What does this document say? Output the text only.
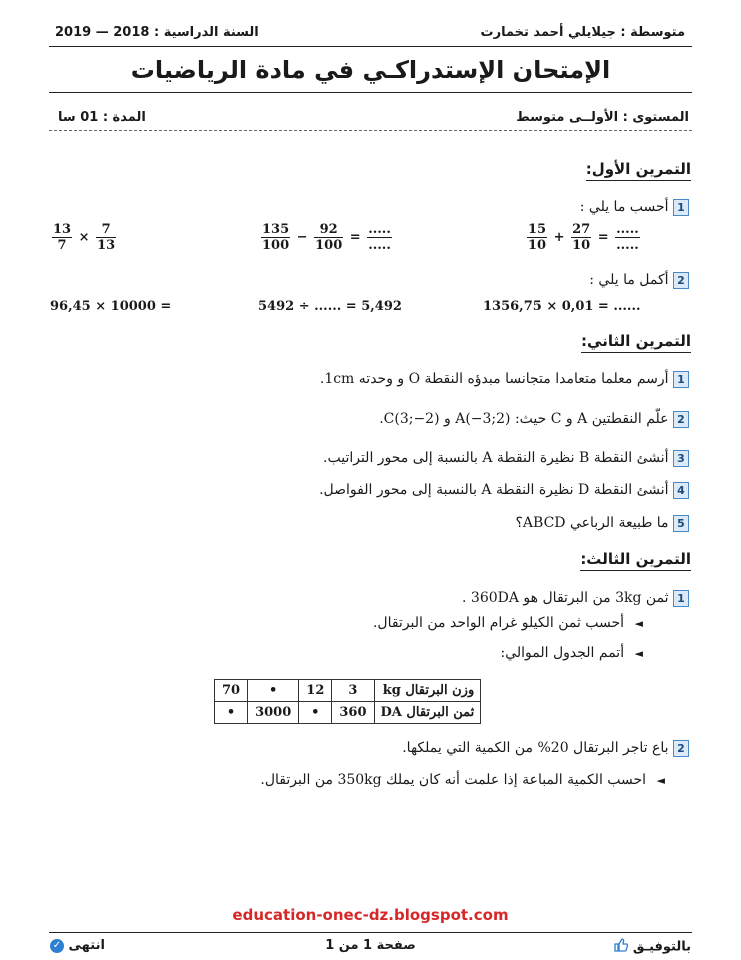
متوسطة : جيلايلي أحمد تخمارت
السنة الدراسية : 2018 — 2019
الإمتحان الإستدراكـي في مادة الرياضيات
المستوى : الأولــى متوسط
المدة : 01 سا
التمرين الأول:
1 أحسب ما يلي :
$\frac{15}{10} + \frac{27}{10} = \frac{.....}{.....}$
$\frac{135}{100} - \frac{92}{100} = \frac{.....}{.....}$
$\frac{13}{7} \times \frac{7}{13}$
2 أكمل ما يلي :
1356,75 × 0,01 = ......
5492 ÷ ...... = 5,492
96,45 × 10000 =
التمرين الثاني:
1 أرسم معلما متعامدا متجانسا مبدؤه النقطة O و وحدته 1cm.
2 علّم النقطتين A و C حيث: A(−3;2) و C(3;−2).
3 أنشئ النقطة B نظيرة النقطة A بالنسبة إلى محور التراتيب.
4 أنشئ النقطة D نظيرة النقطة A بالنسبة إلى محور الفواصل.
5 ما طبيعة الرباعي ABCD؟
التمرين الثالث:
1 ثمن 3kg من البرتقال هو 360DA .
◄ أحسب ثمن الكيلو غرام الواحد من البرتقال.
◄ أتمم الجدول الموالي:
وزن البرتقال kg	3	12	•	70
ثمن البرتقال DA	360	•	3000	•
2 باع تاجر البرتقال 20% من الكمية التي يملكها.
◄ احسب الكمية المباعة إذا علمت أنه كان يملك 350kg من البرتقال.
education-onec-dz.blogspot.com
بالتوفيـق
صفحة 1 من 1
انتهى ✓
